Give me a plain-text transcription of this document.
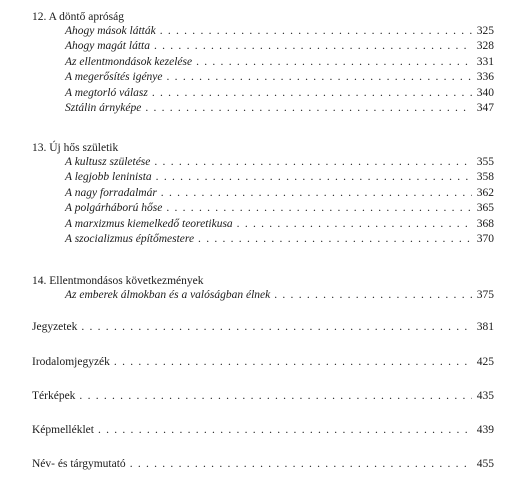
12. A döntő apróság
Ahogy mások látták . . .	325
Ahogy magát látta . . .	328
Az ellentmondások kezelése . . .	331
A megerősítés igénye . . .	336
A megtorló válasz . . .	340
Sztálin árnyképe . . .	347
13. Új hős születik
A kultusz születése . . .	355
A legjobb leninista . . .	358
A nagy forradalmár . . .	362
A polgárháború hőse . . .	365
A marxizmus kiemelkedő teoretikusa . . .	368
A szocializmus építőmestere . . .	370
14. Ellentmondásos következmények
Az emberek álmokban és a valóságban élnek . . .	375
Jegyzetek . . .	381
Irodalomjegyzék . . .	425
Térképek . . .	435
Képmelléklet . . .	439
Név- és tárgymutató . . .	455
